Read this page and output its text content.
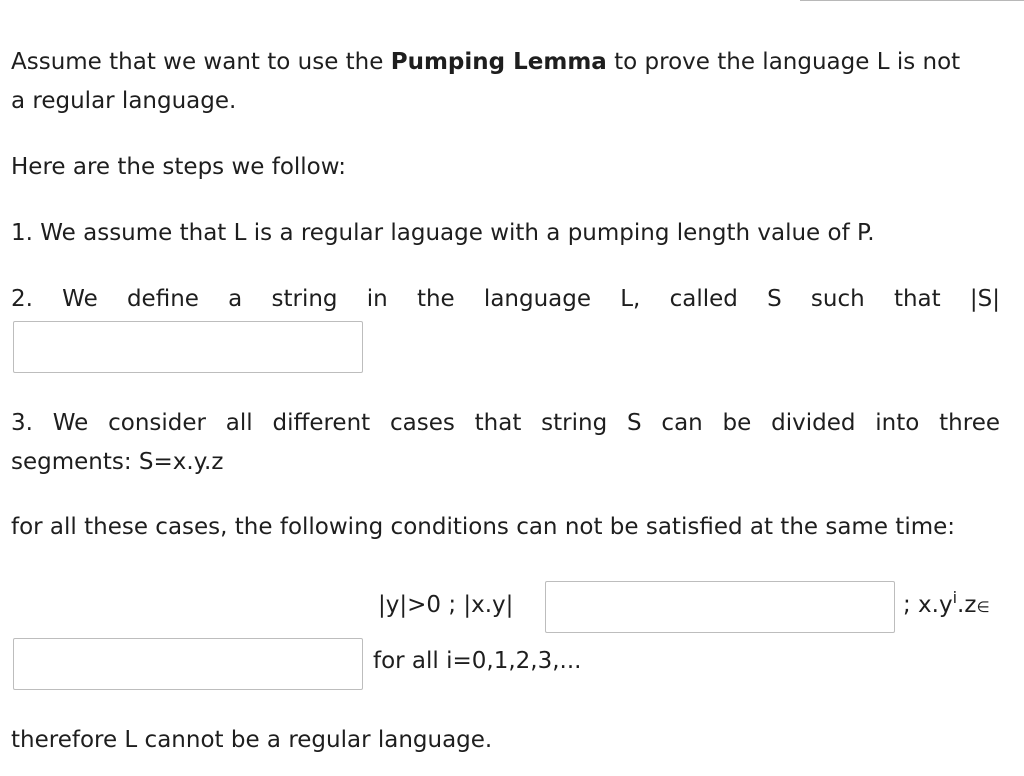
Assume that we want to use the Pumping Lemma to prove the language L is not
a regular language.
Here are the steps we follow:
1. We assume that L is a regular laguage with a pumping length value of P.
2. We define a string in the language L, called S such that |S|
3. We consider all different cases that string S can be divided into three
segments: S=x.y.z
for all these cases, the following conditions can not be satisfied at the same time:
|y|>0 ; |x.y|	; $x.y^i.z\in$
for all i=0,1,2,3,...
therefore L cannot be a regular language.
